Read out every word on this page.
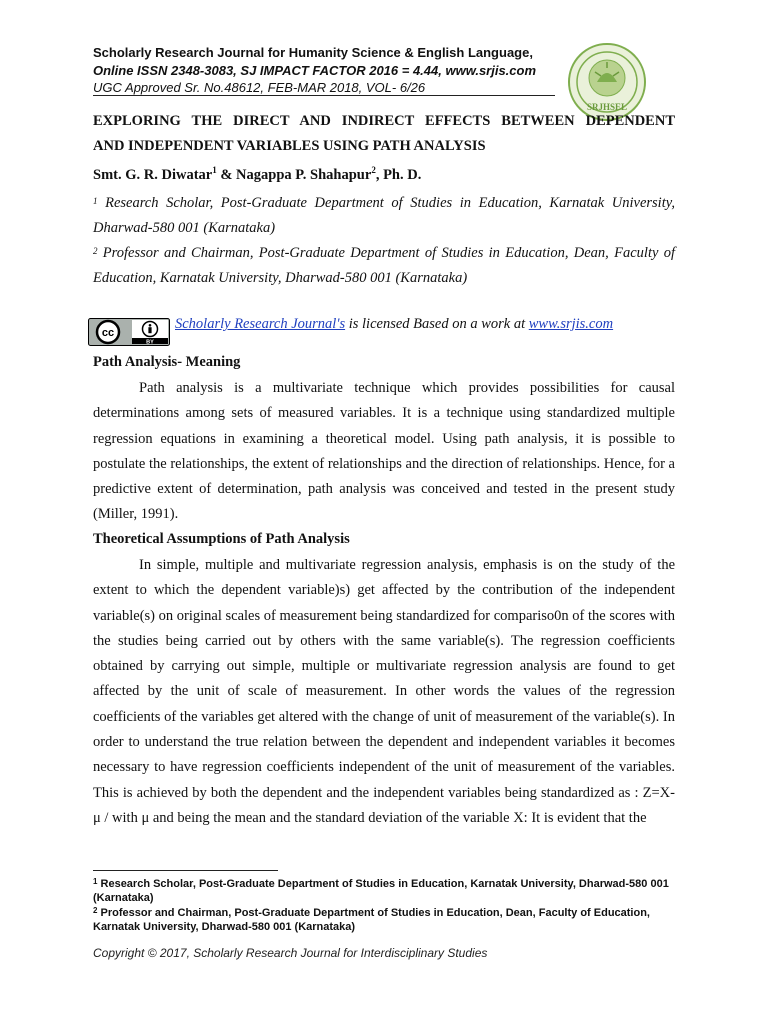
Scholarly Research Journal for Humanity Science & English Language,
Online ISSN 2348-3083, SJ IMPACT FACTOR 2016 = 4.44, www.srjis.com
UGC Approved Sr. No.48612, FEB-MAR 2018, VOL- 6/26
SRJHSEL
EXPLORING THE DIRECT AND INDIRECT EFFECTS BETWEEN DEPENDENT
AND INDEPENDENT VARIABLES USING PATH ANALYSIS
Smt. G. R. Diwatar$^1$ & Nagappa P. Shahapur$^2$, Ph. D.
$^1$ Research Scholar, Post-Graduate Department of Studies in Education, Karnatak University, Dharwad-580 001 (Karnataka)
$^2$ Professor and Chairman, Post-Graduate Department of Studies in Education, Dean, Faculty of Education, Karnatak University, Dharwad-580 001 (Karnataka)
BY
cc
Scholarly Research Journal's is licensed Based on a work at www.srjis.com
Path Analysis- Meaning

Path analysis is a multivariate technique which provides possibilities for causal determinations among sets of measured variables. It is a technique using standardized multiple regression equations in examining a theoretical model. Using path analysis, it is possible to postulate the relationships, the extent of relationships and the direction of relationships. Hence, for a predictive extent of determination, path analysis was conceived and tested in the present study (Miller, 1991).

Theoretical Assumptions of Path Analysis

In simple, multiple and multivariate regression analysis, emphasis is on the study of the extent to which the dependent variable)s) get affected by the contribution of the independent variable(s) on original scales of measurement being standardized for compariso0n of the scores with the studies being carried out by others with the same variable(s). The regression coefficients obtained by carrying out simple, multiple or multivariate regression analysis are found to get affected by the unit of scale of measurement. In other words the values of the regression coefficients of the variables get altered with the change of unit of measurement of the variable(s). In order to understand the true relation between the dependent and independent variables it becomes necessary to have regression coefficients independent of the unit of measurement of the variables. This is achieved by both the dependent and the independent variables being standardized as : Z=X-μ / with μ and being the mean and the standard deviation of the variable X: It is evident that the

$^1$ Research Scholar, Post-Graduate Department of Studies in Education, Karnatak University, Dharwad-580 001 (Karnataka)
$^2$ Professor and Chairman, Post-Graduate Department of Studies in Education, Dean, Faculty of Education, Karnatak University, Dharwad-580 001 (Karnataka)
Copyright © 2017, Scholarly Research Journal for Interdisciplinary Studies
